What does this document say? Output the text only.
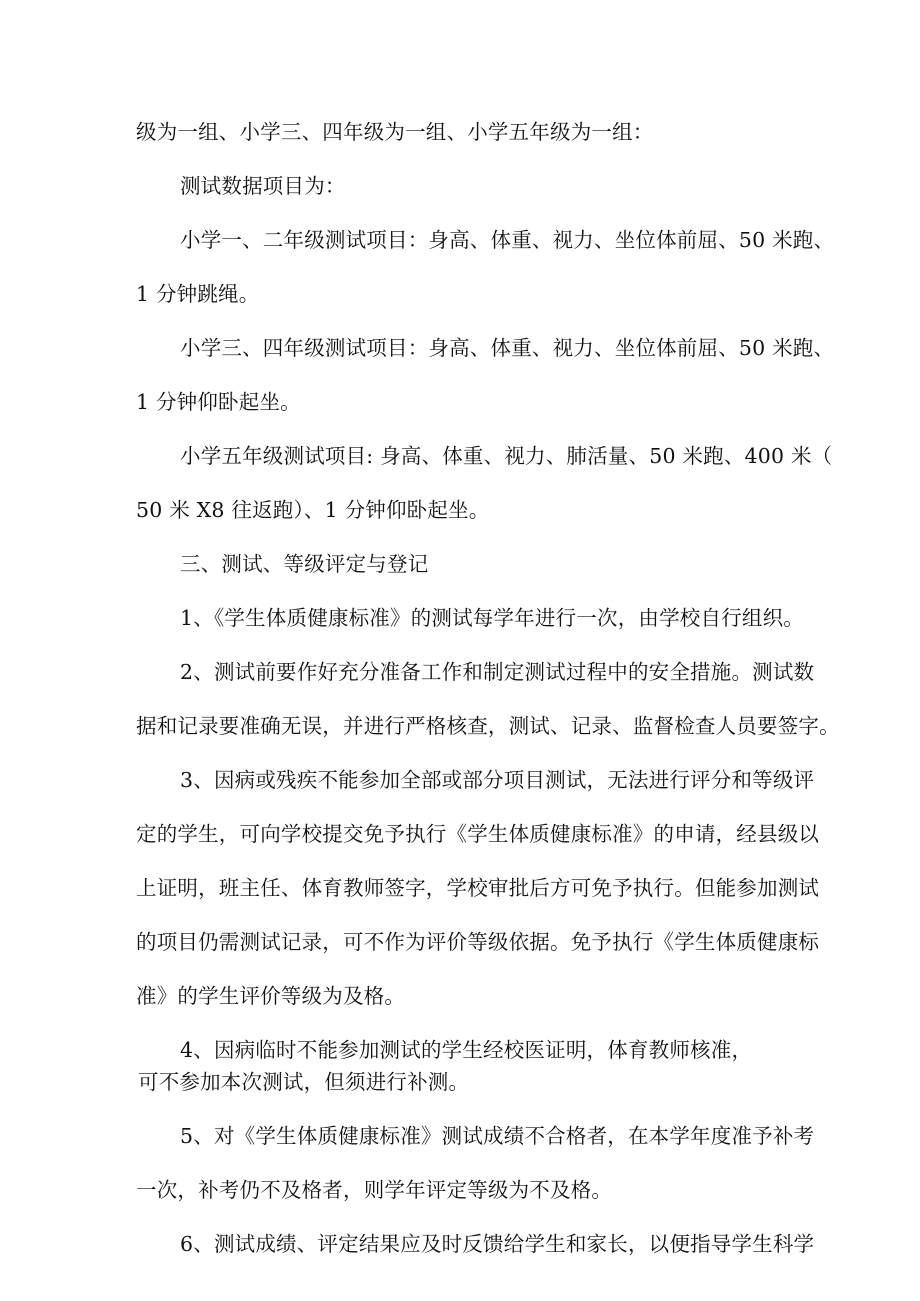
级为一组、小学三、四年级为一组、小学五年级为一组：
测试数据项目为：
小学一、二年级测试项目：身高、体重、视力、坐位体前屈、50 米跑、
1 分钟跳绳。
小学三、四年级测试项目：身高、体重、视力、坐位体前屈、50 米跑、
1 分钟仰卧起坐。
小学五年级测试项目: 身高、体重、视力、肺活量、50 米跑、400 米（
50 米 X8 往返跑）、1 分钟仰卧起坐。
三、测试、等级评定与登记
1、《学生体质健康标准》的测试每学年进行一次，由学校自行组织。
2、测试前要作好充分准备工作和制定测试过程中的安全措施。测试数
据和记录要准确无误，并进行严格核查，测试、记录、监督检查人员要签字。
3、因病或残疾不能参加全部或部分项目测试，无法进行评分和等级评
定的学生，可向学校提交免予执行《学生体质健康标准》的申请，经县级以
上证明，班主任、体育教师签字，学校审批后方可免予执行。但能参加测试
的项目仍需测试记录，可不作为评价等级依据。免予执行《学生体质健康标
准》的学生评价等级为及格。
4、因病临时不能参加测试的学生经校医证明，体育教师核准，
可不参加本次测试，但须进行补测。
5、对《学生体质健康标准》测试成绩不合格者，在本学年度准予补考
一次，补考仍不及格者，则学年评定等级为不及格。
6、测试成绩、评定结果应及时反馈给学生和家长，以便指导学生科学
